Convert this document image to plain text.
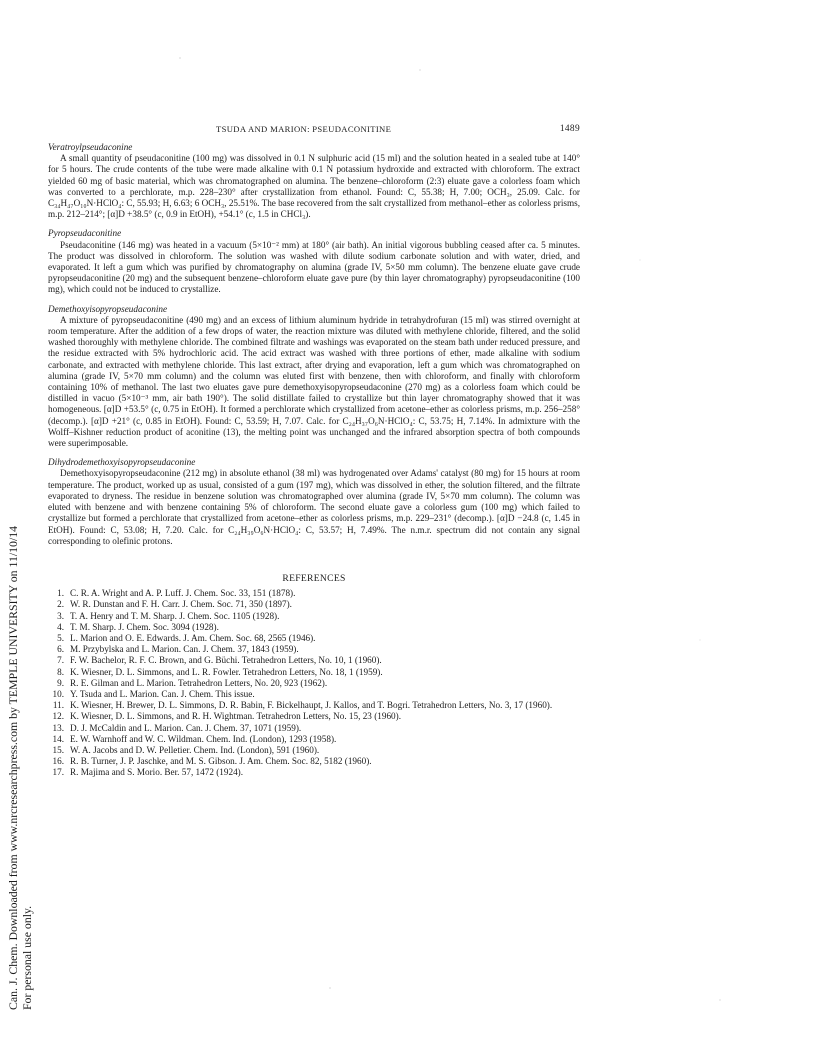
Can. J. Chem. Downloaded from www.nrcresearchpress.com by TEMPLE UNIVERSITY on 11/10/14 For personal use only.
TSUDA AND MARION: PSEUDACONITINE	1489
Veratroylpseudaconine
A small quantity of pseudaconitine (100 mg) was dissolved in 0.1 N sulphuric acid (15 ml) and the solution heated in a sealed tube at 140° for 5 hours. The crude contents of the tube were made alkaline with 0.1 N potassium hydroxide and extracted with chloroform. The extract yielded 60 mg of basic material, which was chromatographed on alumina. The benzene–chloroform (2:3) eluate gave a colorless foam which was converted to a perchlorate, m.p. 228–230° after crystallization from ethanol. Found: C, 55.38; H, 7.00; OCH₃, 25.09. Calc. for C₃₄H₄₇O₁₀N·HClO₄: C, 55.93; H, 6.63; 6 OCH₃, 25.51%. The base recovered from the salt crystallized from methanol–ether as colorless prisms, m.p. 212–214°; [α]D +38.5° (c, 0.9 in EtOH), +54.1° (c, 1.5 in CHCl₃).
Pyropseudaconitine
Pseudaconitine (146 mg) was heated in a vacuum (5×10⁻² mm) at 180° (air bath). An initial vigorous bubbling ceased after ca. 5 minutes. The product was dissolved in chloroform. The solution was washed with dilute sodium carbonate solution and with water, dried, and evaporated. It left a gum which was purified by chromatography on alumina (grade IV, 5×50 mm column). The benzene eluate gave crude pyropseudaconitine (20 mg) and the subsequent benzene–chloroform eluate gave pure (by thin layer chromatography) pyropseudaconitine (100 mg), which could not be induced to crystallize.
Demethoxyisopyropseudaconine
A mixture of pyropseudaconitine (490 mg) and an excess of lithium aluminum hydride in tetrahydrofuran (15 ml) was stirred overnight at room temperature. After the addition of a few drops of water, the reaction mixture was diluted with methylene chloride, filtered, and the solid washed thoroughly with methylene chloride. The combined filtrate and washings was evaporated on the steam bath under reduced pressure, and the residue extracted with 5% hydrochloric acid. The acid extract was washed with three portions of ether, made alkaline with sodium carbonate, and extracted with methylene chloride. This last extract, after drying and evaporation, left a gum which was chromatographed on alumina (grade IV, 5×70 mm column) and the column was eluted first with benzene, then with chloroform, and finally with chloroform containing 10% of methanol. The last two eluates gave pure demethoxyisopyropseudaconine (270 mg) as a colorless foam which could be distilled in vacuo (5×10⁻³ mm, air bath 190°). The solid distillate failed to crystallize but thin layer chromatography showed that it was homogeneous. [α]D +53.5° (c, 0.75 in EtOH). It formed a perchlorate which crystallized from acetone–ether as colorless prisms, m.p. 256–258° (decomp.). [α]D +21° (c, 0.85 in EtOH). Found: C, 53.59; H, 7.07. Calc. for C₂₄H₃₇O₆N·HClO₄: C, 53.75; H, 7.14%. In admixture with the Wolff–Kishner reduction product of aconitine (13), the melting point was unchanged and the infrared absorption spectra of both compounds were superimposable.
Dihydrodemethoxyisopyropseudaconine
Demethoxyisopyropseudaconine (212 mg) in absolute ethanol (38 ml) was hydrogenated over Adams' catalyst (80 mg) for 15 hours at room temperature. The product, worked up as usual, consisted of a gum (197 mg), which was dissolved in ether, the solution filtered, and the filtrate evaporated to dryness. The residue in benzene solution was chromatographed over alumina (grade IV, 5×70 mm column). The column was eluted with benzene and with benzene containing 5% of chloroform. The second eluate gave a colorless gum (100 mg) which failed to crystallize but formed a perchlorate that crystallized from acetone–ether as colorless prisms, m.p. 229–231° (decomp.). [α]D −24.8 (c, 1.45 in EtOH). Found: C, 53.08; H, 7.20. Calc. for C₂₄H₃₉O₆N·HClO₄: C, 53.57; H, 7.49%. The n.m.r. spectrum did not contain any signal corresponding to olefinic protons.
REFERENCES
1. C. R. A. Wright and A. P. Luff. J. Chem. Soc. 33, 151 (1878).
2. W. R. Dunstan and F. H. Carr. J. Chem. Soc. 71, 350 (1897).
3. T. A. Henry and T. M. Sharp. J. Chem. Soc. 1105 (1928).
4. T. M. Sharp. J. Chem. Soc. 3094 (1928).
5. L. Marion and O. E. Edwards. J. Am. Chem. Soc. 68, 2565 (1946).
6. M. Przybylska and L. Marion. Can. J. Chem. 37, 1843 (1959).
7. F. W. Bachelor, R. F. C. Brown, and G. Büchi. Tetrahedron Letters, No. 10, 1 (1960).
8. K. Wiesner, D. L. Simmons, and L. R. Fowler. Tetrahedron Letters, No. 18, 1 (1959).
9. R. E. Gilman and L. Marion. Tetrahedron Letters, No. 20, 923 (1962).
10. Y. Tsuda and L. Marion. Can. J. Chem. This issue.
11. K. Wiesner, H. Brewer, D. L. Simmons, D. R. Babin, F. Bickelhaupt, J. Kallos, and T. Bogri. Tetrahedron Letters, No. 3, 17 (1960).
12. K. Wiesner, D. L. Simmons, and R. H. Wightman. Tetrahedron Letters, No. 15, 23 (1960).
13. D. J. McCaldin and L. Marion. Can. J. Chem. 37, 1071 (1959).
14. E. W. Warnhoff and W. C. Wildman. Chem. Ind. (London), 1293 (1958).
15. W. A. Jacobs and D. W. Pelletier. Chem. Ind. (London), 591 (1960).
16. R. B. Turner, J. P. Jaschke, and M. S. Gibson. J. Am. Chem. Soc. 82, 5182 (1960).
17. R. Majima and S. Morio. Ber. 57, 1472 (1924).
